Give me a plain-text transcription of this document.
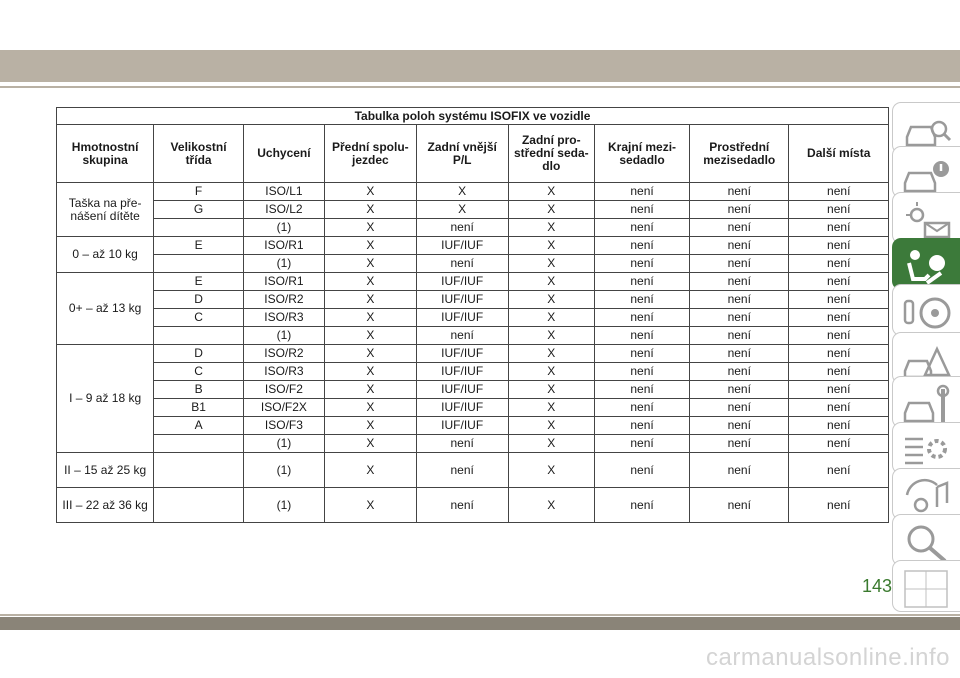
Tabulka poloh systému ISOFIX ve vozidle								
Hmotnostní skupina	Velikostní třída	Uchycení	Přední spolu-jezdec	Zadní vnější P/L	Zadní pro-střední seda-dlo	Krajní mezi-sedadlo	Prostřední mezisedadlo	Další místa
Taška na pře-nášení dítěte	F	ISO/L1	X	X	X	není	není	není
	G	ISO/L2	X	X	X	není	není	není
		(1)	X	není	X	není	není	není
0 – až 10 kg	E	ISO/R1	X	IUF/IUF	X	není	není	není
		(1)	X	není	X	není	není	není
0+ – až 13 kg	E	ISO/R1	X	IUF/IUF	X	není	není	není
	D	ISO/R2	X	IUF/IUF	X	není	není	není
	C	ISO/R3	X	IUF/IUF	X	není	není	není
		(1)	X	není	X	není	není	není
I – 9 až 18 kg	D	ISO/R2	X	IUF/IUF	X	není	není	není
	C	ISO/R3	X	IUF/IUF	X	není	není	není
	B	ISO/F2	X	IUF/IUF	X	není	není	není
	B1	ISO/F2X	X	IUF/IUF	X	není	není	není
	A	ISO/F3	X	IUF/IUF	X	není	není	není
		(1)	X	není	X	není	není	není
II – 15 až 25 kg		(1)	X	není	X	není	není	není
III – 22 až 36 kg		(1)	X	není	X	není	není	není
143
carmanualsonline.info
